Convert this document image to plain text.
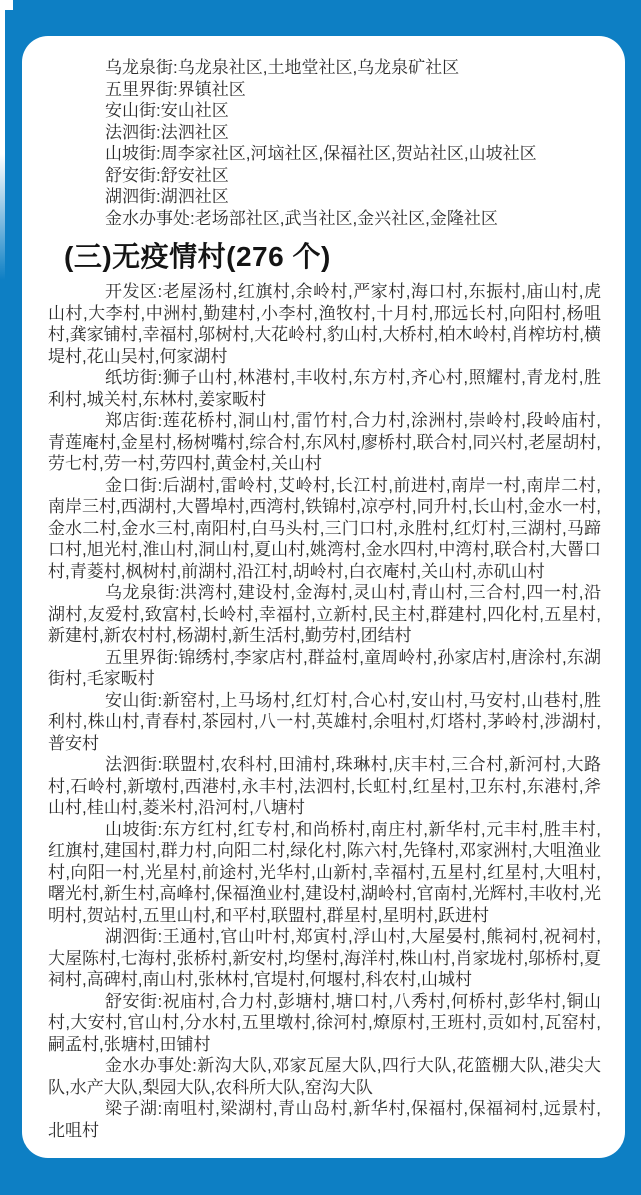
乌龙泉街:乌龙泉社区,土地堂社区,乌龙泉矿社区

五里界街:界镇社区

安山街:安山社区

法泗街:法泗社区

山坡街:周李家社区,河垴社区,保福社区,贺站社区,山坡社区

舒安街:舒安社区

湖泗街:湖泗社区

金水办事处:老场部社区,武当社区,金兴社区,金隆社区

(三)无疫情村(276 个)

开发区:老屋汤村,红旗村,余岭村,严家村,海口村,东振村,庙山村,虎山村,大李村,中洲村,勤建村,小李村,渔牧村,十月村,邢远长村,向阳村,杨咀村,龚家铺村,幸福村,邬树村,大花岭村,豹山村,大桥村,柏木岭村,肖榨坊村,横堤村,花山吴村,何家湖村

纸坊街:狮子山村,林港村,丰收村,东方村,齐心村,照耀村,青龙村,胜利村,城关村,东林村,姜家畈村

郑店街:莲花桥村,洞山村,雷竹村,合力村,涂洲村,崇岭村,段岭庙村,青莲庵村,金星村,杨树嘴村,综合村,东风村,廖桥村,联合村,同兴村,老屋胡村,劳七村,劳一村,劳四村,黄金村,关山村

金口街:后湖村,雷岭村,艾岭村,长江村,前进村,南岸一村,南岸二村,南岸三村,西湖村,大罾埠村,西湾村,铁锦村,凉亭村,同升村,长山村,金水一村,金水二村,金水三村,南阳村,白马头村,三门口村,永胜村,红灯村,三湖村,马蹄口村,旭光村,淮山村,洞山村,夏山村,姚湾村,金水四村,中湾村,联合村,大罾口村,青菱村,枫树村,前湖村,沿江村,胡岭村,白衣庵村,关山村,赤矶山村

乌龙泉街:洪湾村,建设村,金海村,灵山村,青山村,三合村,四一村,沿湖村,友爱村,致富村,长岭村,幸福村,立新村,民主村,群建村,四化村,五星村,新建村,新农村村,杨湖村,新生活村,勤劳村,团结村

五里界街:锦绣村,李家店村,群益村,童周岭村,孙家店村,唐涂村,东湖街村,毛家畈村

安山街:新窑村,上马场村,红灯村,合心村,安山村,马安村,山巷村,胜利村,株山村,青春村,茶园村,八一村,英雄村,余咀村,灯塔村,茅岭村,涉湖村,普安村

法泗街:联盟村,农科村,田浦村,珠琳村,庆丰村,三合村,新河村,大路村,石岭村,新墩村,西港村,永丰村,法泗村,长虹村,红星村,卫东村,东港村,斧山村,桂山村,菱米村,沿河村,八塘村

山坡街:东方红村,红专村,和尚桥村,南庄村,新华村,元丰村,胜丰村,红旗村,建国村,群力村,向阳二村,绿化村,陈六村,先锋村,邓家洲村,大咀渔业村,向阳一村,光星村,前途村,光华村,山新村,幸福村,五星村,红星村,大咀村,曙光村,新生村,高峰村,保福渔业村,建设村,湖岭村,官南村,光辉村,丰收村,光明村,贺站村,五里山村,和平村,联盟村,群星村,星明村,跃进村

湖泗街:王通村,官山叶村,郑寅村,浮山村,大屋晏村,熊祠村,祝祠村,大屋陈村,七海村,张桥村,新安村,均堡村,海洋村,株山村,肖家垅村,邬桥村,夏祠村,高碑村,南山村,张林村,官堤村,何堰村,科农村,山城村

舒安街:祝庙村,合力村,彭塘村,塘口村,八秀村,何桥村,彭华村,铜山村,大安村,官山村,分水村,五里墩村,徐河村,燎原村,王班村,贡如村,瓦窑村,嗣孟村,张塘村,田铺村

金水办事处:新沟大队,邓家瓦屋大队,四行大队,花篮棚大队,港尖大队,水产大队,梨园大队,农科所大队,窑沟大队

梁子湖:南咀村,梁湖村,青山岛村,新华村,保福村,保福祠村,远景村,北咀村
